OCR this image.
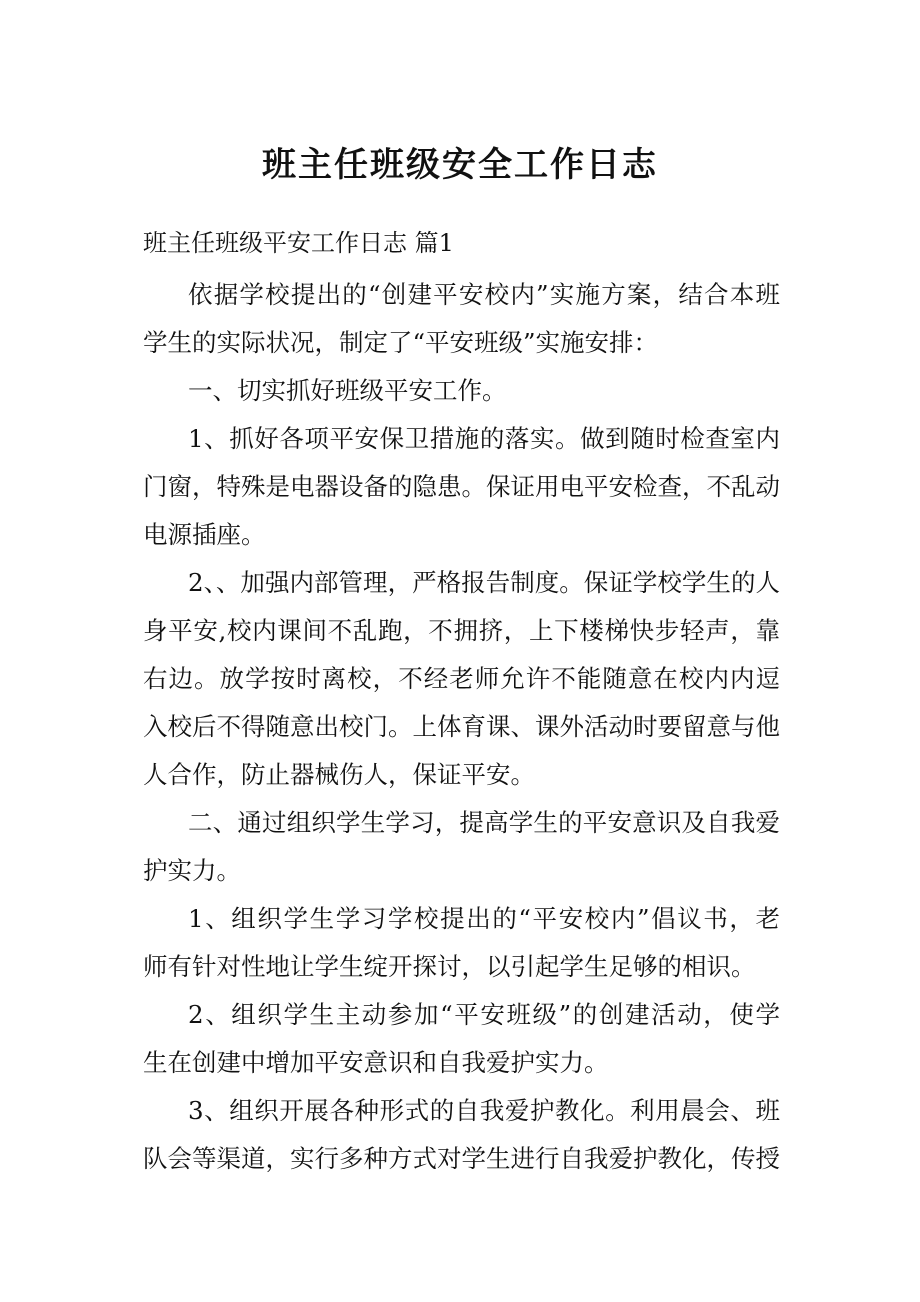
班主任班级安全工作日志
班主任班级平安工作日志 篇1
依据学校提出的“创建平安校内”实施方案，结合本班
学生的实际状况，制定了“平安班级”实施安排：
一、切实抓好班级平安工作。
1、抓好各项平安保卫措施的落实。做到随时检查室内
门窗，特殊是电器设备的隐患。保证用电平安检查，不乱动
电源插座。
2、、加强内部管理，严格报告制度。保证学校学生的人
身平安,校内课间不乱跑，不拥挤，上下楼梯快步轻声，靠
右边。放学按时离校，不经老师允许不能随意在校内内逗
入校后不得随意出校门。上体育课、课外活动时要留意与他
人合作，防止器械伤人，保证平安。
二、通过组织学生学习，提高学生的平安意识及自我爱
护实力。
1、组织学生学习学校提出的“平安校内”倡议书，老
师有针对性地让学生绽开探讨，以引起学生足够的相识。
2、组织学生主动参加“平安班级”的创建活动，使学
生在创建中增加平安意识和自我爱护实力。
3、组织开展各种形式的自我爱护教化。利用晨会、班
队会等渠道，实行多种方式对学生进行自我爱护教化，传授
